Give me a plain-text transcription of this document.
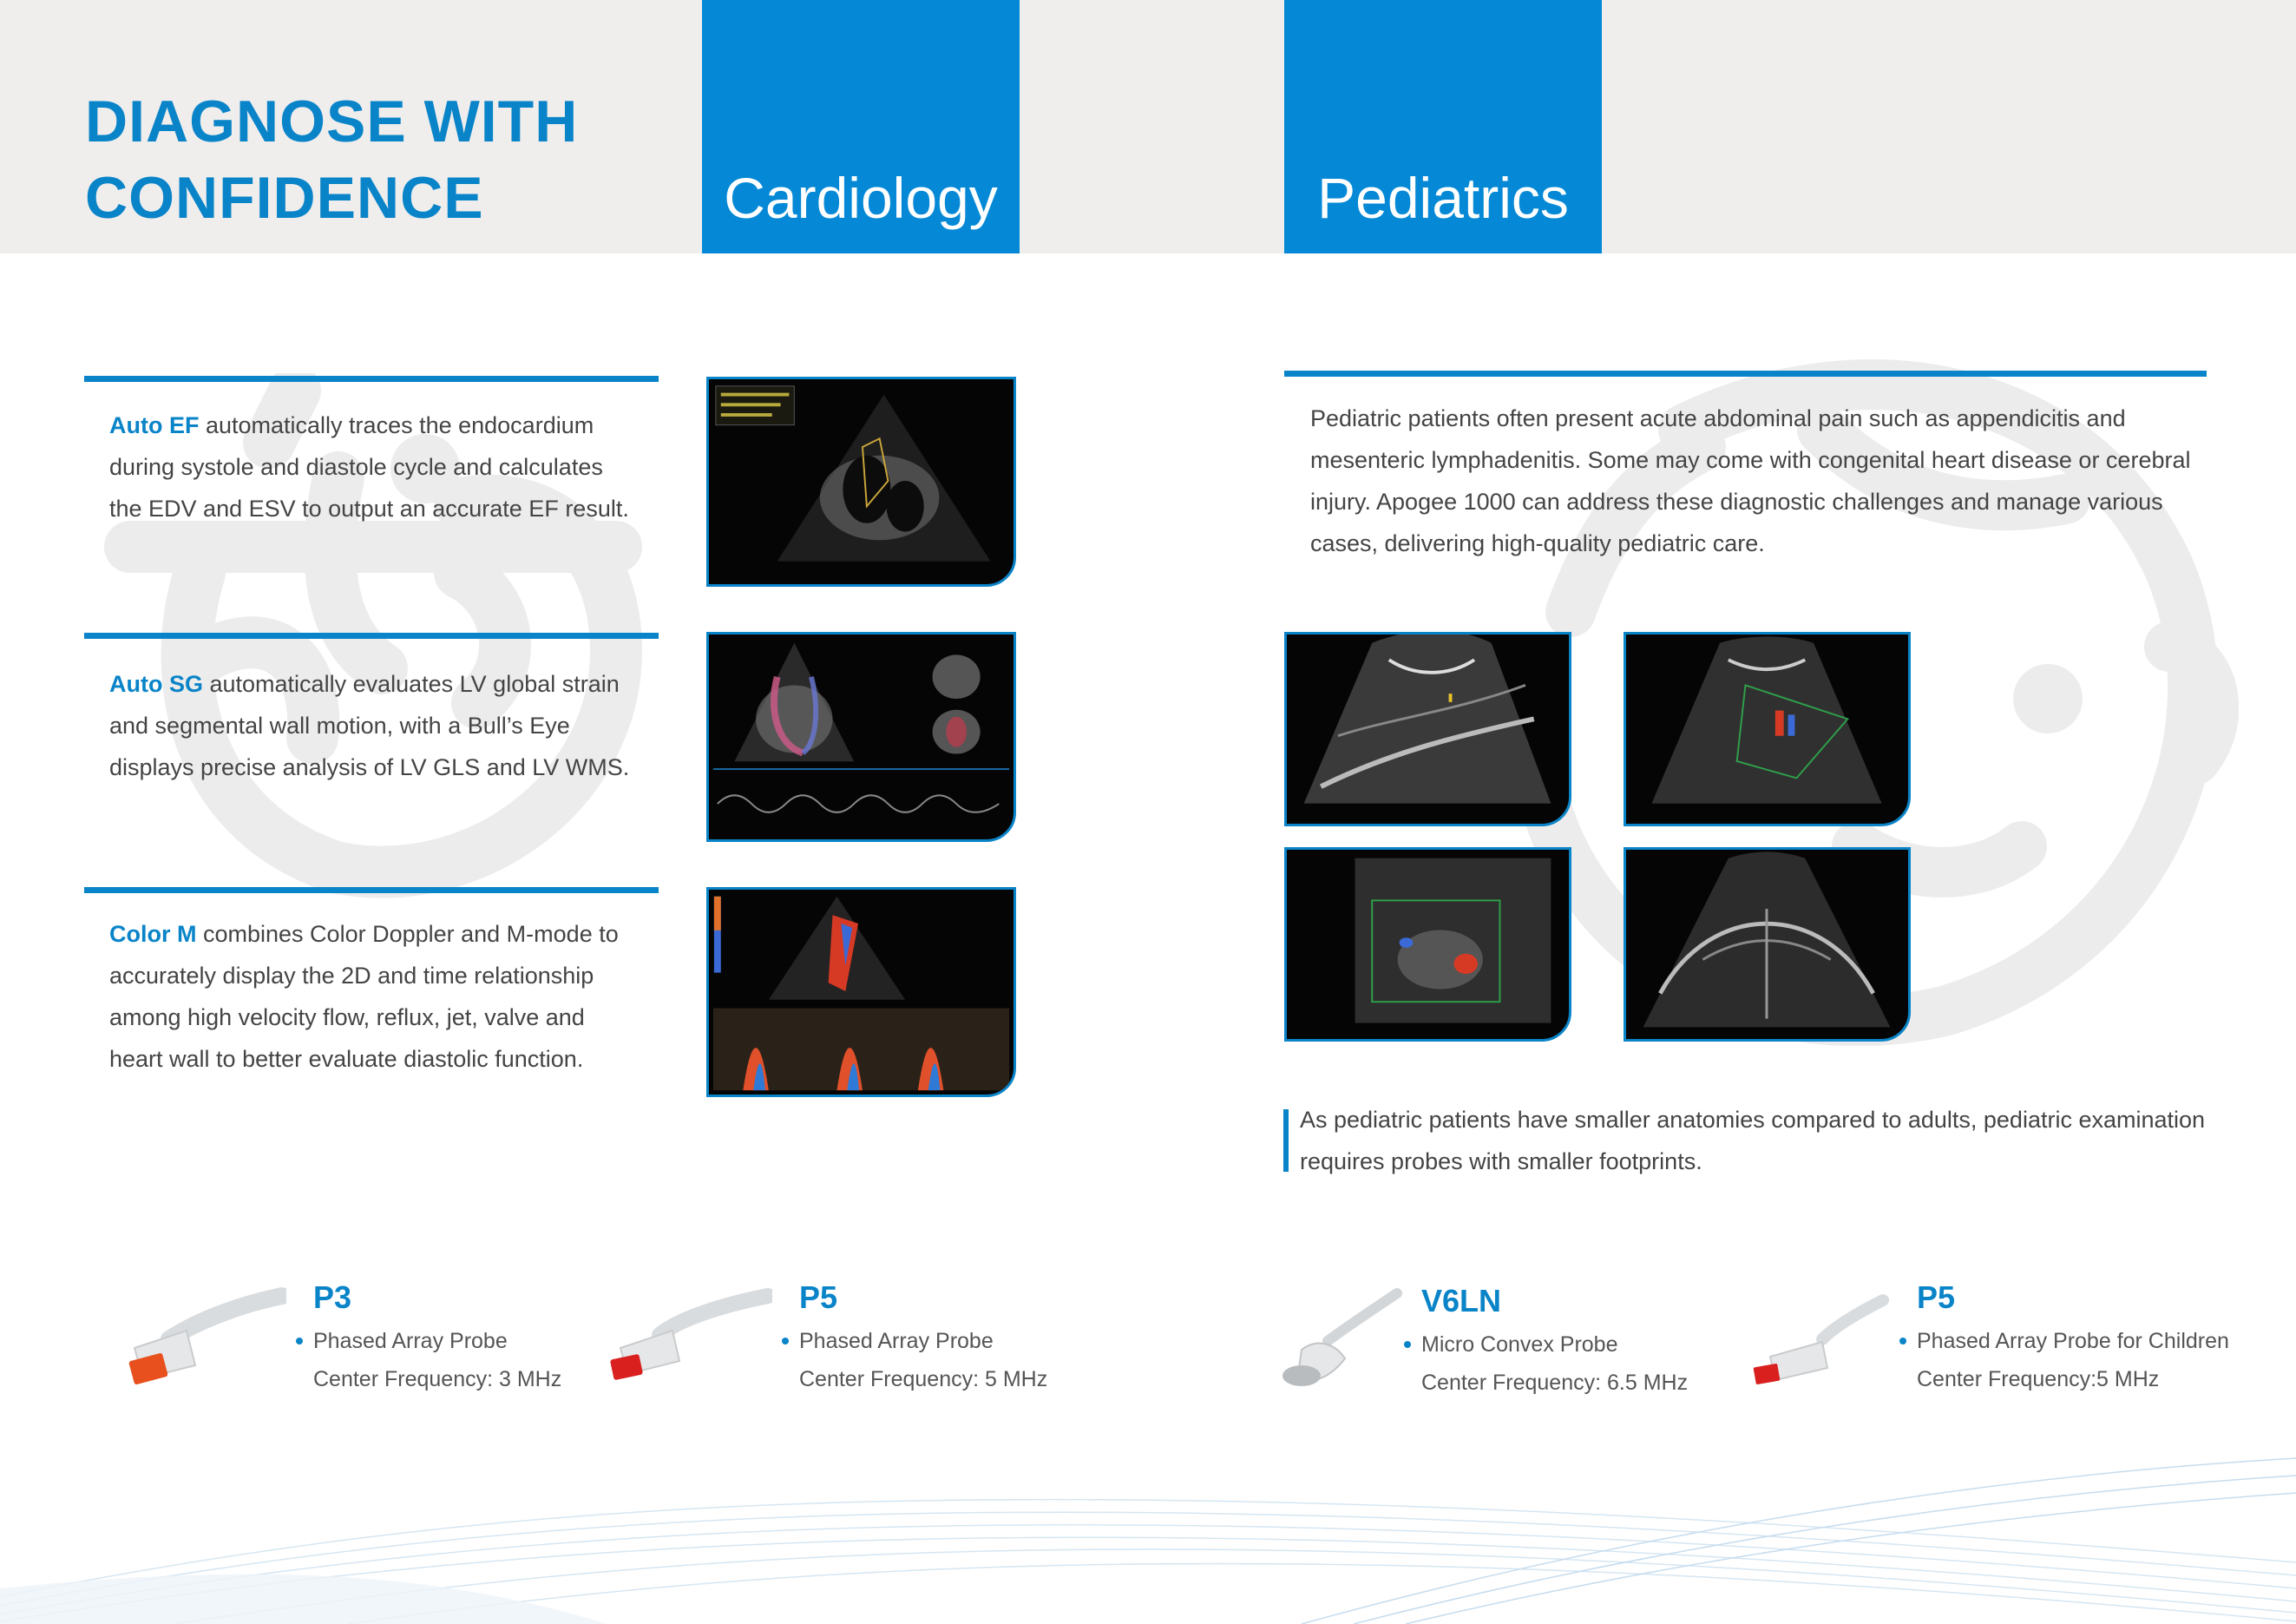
DIAGNOSE WITH
CONFIDENCE	Cardiology	Pediatrics

Auto EF automatically traces the endocardium during systole and diastole cycle and calculates the EDV and ESV to output an accurate EF result.

Auto SG automatically evaluates LV global strain and segmental wall motion, with a Bull’s Eye displays precise analysis of LV GLS and LV WMS.

Color M combines Color Doppler and M-mode to accurately display the 2D and time relationship among high velocity flow, reflux, jet, valve and heart wall to better evaluate diastolic function.

Pediatric patients often present acute abdominal pain such as appendicitis and mesenteric lymphadenitis. Some may come with congenital heart disease or cerebral injury. Apogee 1000 can address these diagnostic challenges and manage various cases, delivering high-quality pediatric care.

As pediatric patients have smaller anatomies compared to adults, pediatric examination requires probes with smaller footprints.

P3

Phased Array Probe
Center Frequency: 3 MHz

P5

Phased Array Probe
Center Frequency: 5 MHz

V6LN

Micro Convex Probe
Center Frequency: 6.5 MHz

P5

Phased Array Probe for Children
Center Frequency:5 MHz
